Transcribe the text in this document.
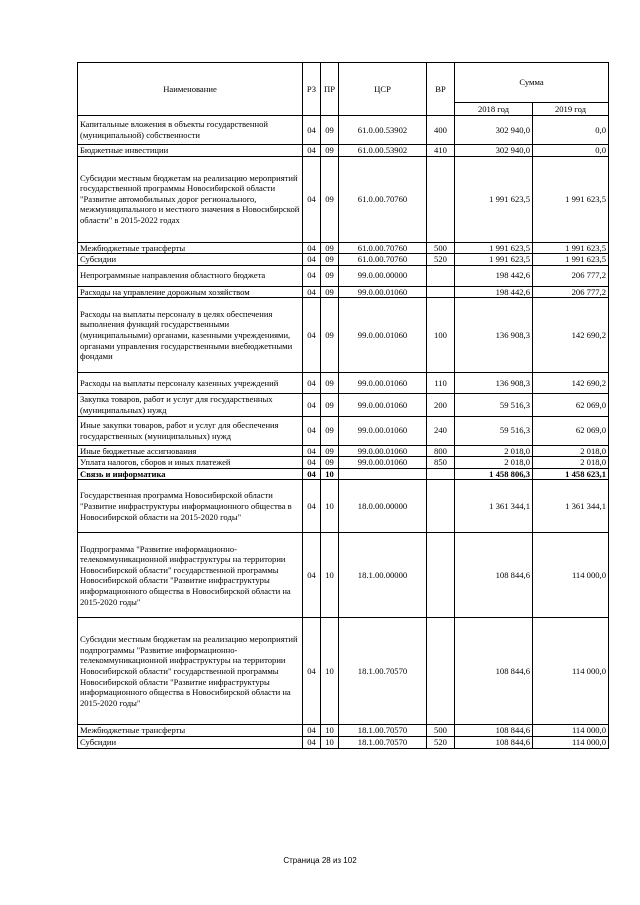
Наименование	РЗ	ПР	ЦСР	ВР	Сумма	
					2018 год	2019 год
Капитальные вложения в объекты государственной (муниципальной) собственности	04	09	61.0.00.53902	400	302 940,0	0,0
Бюджетные инвестиции	04	09	61.0.00.53902	410	302 940,0	0,0
Субсидии местным бюджетам на реализацию мероприятий государственной программы Новосибирской области "Развитие автомобильных дорог регионального, межмуниципального и местного значения в Новосибирской области" в 2015-2022 годах	04	09	61.0.00.70760		1 991 623,5	1 991 623,5
Межбюджетные трансферты	04	09	61.0.00.70760	500	1 991 623,5	1 991 623,5
Субсидии	04	09	61.0.00.70760	520	1 991 623,5	1 991 623,5
Непрограммные направления областного бюджета	04	09	99.0.00.00000		198 442,6	206 777,2
Расходы на управление дорожным хозяйством	04	09	99.0.00.01060		198 442,6	206 777,2
Расходы на выплаты персоналу в целях обеспечения выполнения функций государственными (муниципальными) органами, казенными учреждениями, органами управления государственными внебюджетными фондами	04	09	99.0.00.01060	100	136 908,3	142 690,2
Расходы на выплаты персоналу казенных учреждений	04	09	99.0.00.01060	110	136 908,3	142 690,2
Закупка товаров, работ и услуг для государственных (муниципальных) нужд	04	09	99.0.00.01060	200	59 516,3	62 069,0
Иные закупки товаров, работ и услуг для обеспечения государственных (муниципальных) нужд	04	09	99.0.00.01060	240	59 516,3	62 069,0
Иные бюджетные ассигнования	04	09	99.0.00.01060	800	2 018,0	2 018,0
Уплата налогов, сборов и иных платежей	04	09	99.0.00.01060	850	2 018,0	2 018,0
Связь и информатика	04	10			1 458 806,3	1 458 623,1
Государственная программа Новосибирской области "Развитие инфраструктуры информационного общества в Новосибирской области на 2015-2020 годы"	04	10	18.0.00.00000		1 361 344,1	1 361 344,1
Подпрограмма "Развитие информационно-телекоммуникационной инфраструктуры на территории Новосибирской области" государственной программы Новосибирской области "Развитие инфраструктуры информационного общества в Новосибирской области на 2015-2020 годы"	04	10	18.1.00.00000		108 844,6	114 000,0
Субсидии местным бюджетам на реализацию мероприятий подпрограммы "Развитие информационно-телекоммуникационной инфраструктуры на территории Новосибирской области" государственной программы Новосибирской области "Развитие инфраструктуры информационного общества в Новосибирской области на 2015-2020 годы"	04	10	18.1.00.70570		108 844,6	114 000,0
Межбюджетные трансферты	04	10	18.1.00.70570	500	108 844,6	114 000,0
Субсидии	04	10	18.1.00.70570	520	108 844,6	114 000,0
Страница 28 из 102
